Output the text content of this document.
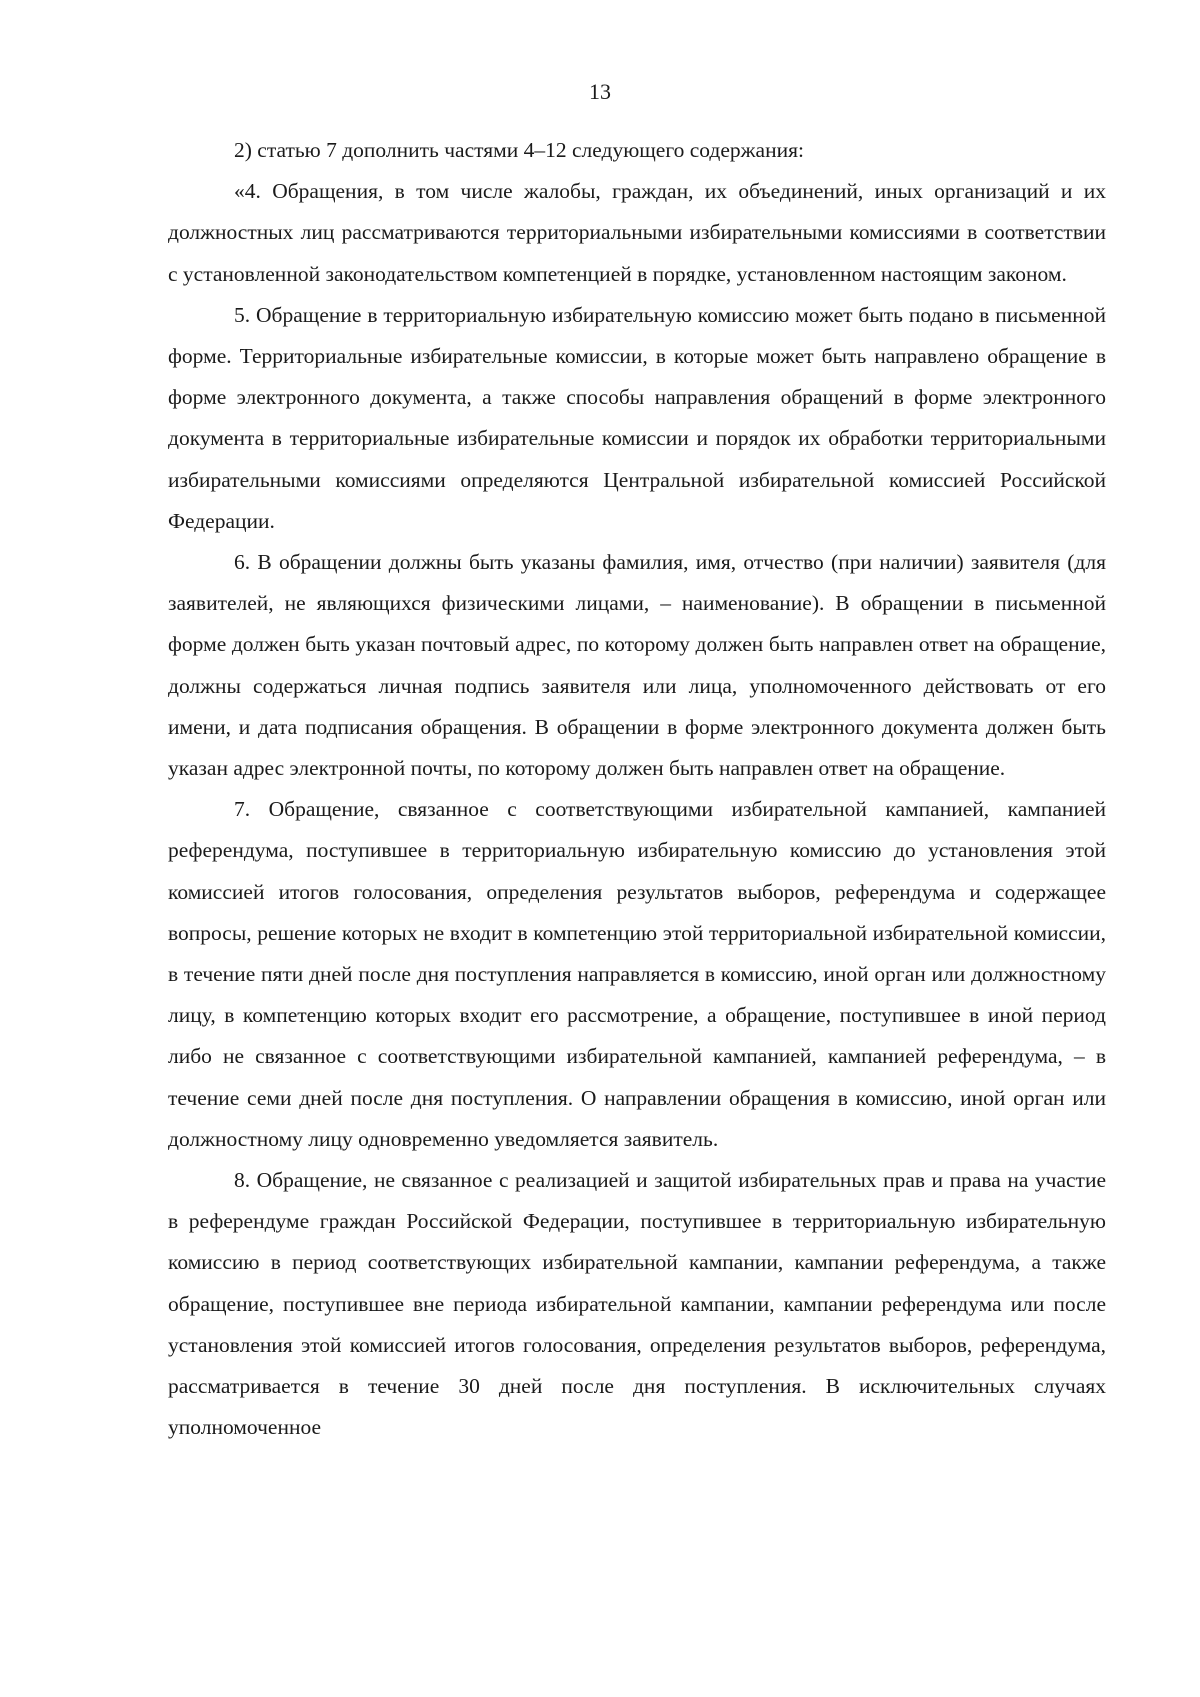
13

2) статью 7 дополнить частями 4–12 следующего содержания:

«4. Обращения, в том числе жалобы, граждан, их объединений, иных организаций и их должностных лиц рассматриваются территориальными избирательными комиссиями в соответствии с установленной законодательством компетенцией в порядке, установленном настоящим законом.

5. Обращение в территориальную избирательную комиссию может быть подано в письменной форме. Территориальные избирательные комиссии, в которые может быть направлено обращение в форме электронного документа, а также способы направления обращений в форме электронного документа в территориальные избирательные комиссии и порядок их обработки территориальными избирательными комиссиями определяются Центральной избирательной комиссией Российской Федерации.

6. В обращении должны быть указаны фамилия, имя, отчество (при наличии) заявителя (для заявителей, не являющихся физическими лицами, – наименование). В обращении в письменной форме должен быть указан почтовый адрес, по которому должен быть направлен ответ на обращение, должны содержаться личная подпись заявителя или лица, уполномоченного действовать от его имени, и дата подписания обращения. В обращении в форме электронного документа должен быть указан адрес электронной почты, по которому должен быть направлен ответ на обращение.

7. Обращение, связанное с соответствующими избирательной кампанией, кампанией референдума, поступившее в территориальную избирательную комиссию до установления этой комиссией итогов голосования, определения результатов выборов, референдума и содержащее вопросы, решение которых не входит в компетенцию этой территориальной избирательной комиссии, в течение пяти дней после дня поступления направляется в комиссию, иной орган или должностному лицу, в компетенцию которых входит его рассмотрение, а обращение, поступившее в иной период либо не связанное с соответствующими избирательной кампанией, кампанией референдума, – в течение семи дней после дня поступления. О направлении обращения в комиссию, иной орган или должностному лицу одновременно уведомляется заявитель.

8. Обращение, не связанное с реализацией и защитой избирательных прав и права на участие в референдуме граждан Российской Федерации, поступившее в территориальную избирательную комиссию в период соответствующих избирательной кампании, кампании референдума, а также обращение, поступившее вне периода избирательной кампании, кампании референдума или после установления этой комиссией итогов голосования, определения результатов выборов, референдума, рассматривается в течение 30 дней после дня поступления. В исключительных случаях уполномоченное
